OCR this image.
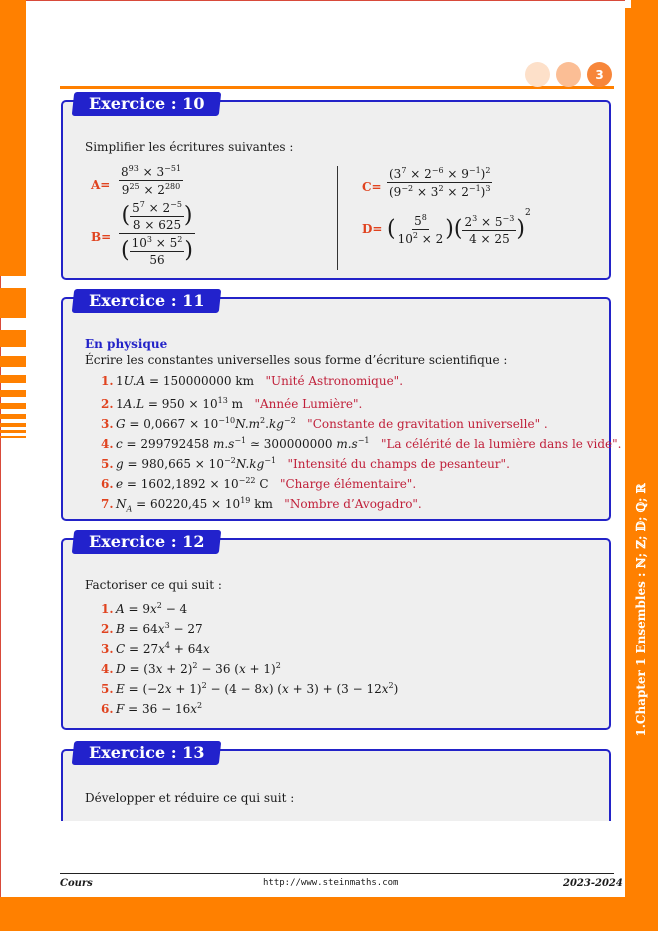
1.Chapter 1 Ensembles : ℕ; ℤ; 𝔻; ℚ; ℝ
3
Exercice : 10
Simplifier les écritures suivantes :
$A= \frac{8^{93} \times 3^{-51}}{9^{25} \times 2^{280}}$
$B= \frac{( \frac{5^7 \times 2^{-5}}{8 \times 625} )}{( \frac{10^3 \times 5^2}{56} )}$
$C= \frac{(3^7 \times 2^{-6} \times 9^{-1})^2}{(9^{-2} \times 3^2 \times 2^{-1})^3}$
D= ( $\frac{5^8}{10^2 \times 2}$ )( $\frac{2^3 \times 5^{-3}}{4 \times 25} )^2$
Exercice : 11
En physique
Écrire les constantes universelles sous forme d’écriture scientifique :
1. 1U.A = 150000000 km   "Unité Astronomique".
2. $1A.L = 950 \times 10^{13}$ m   "Année Lumière".
3. $G = 0,0667 \times 10^{-10}N.m^2.kg^{-2}$ "Constante de gravitation universelle" .
4. c = 299792458 $m.s^{-1}$ ≃ 300000000 $m.s^{-1}$ "La célérité de la lumière dans le vide".
5. $g = 980,665 \times 10^{-2}N.kg^{-1}$ "Intensité du champs de pesanteur".
6. $e = 1602,1892 \times 10^{-22}$ C   "Charge élémentaire".
7. $N_A = 60220,45 \times 10^{19}$ km   "Nombre d’Avogadro".
Exercice : 12
Factoriser ce qui suit :
1. $A = 9x^2 - 4$
2. $B = 64x^3 - 27$
3. $C = 27x^4 + 64x$
4. $D = (3x + 2)^2 - 36$ $(x + 1)^2$
5. $E = (-2x + 1)^2 - (4 - 8x)$ $(x + 3) + (3 - 12x^2)$
6. $F = 36 - 16x^2$
Exercice : 13
Développer et réduire ce qui suit :
Cours	http://www.steinmaths.com	2023-2024
